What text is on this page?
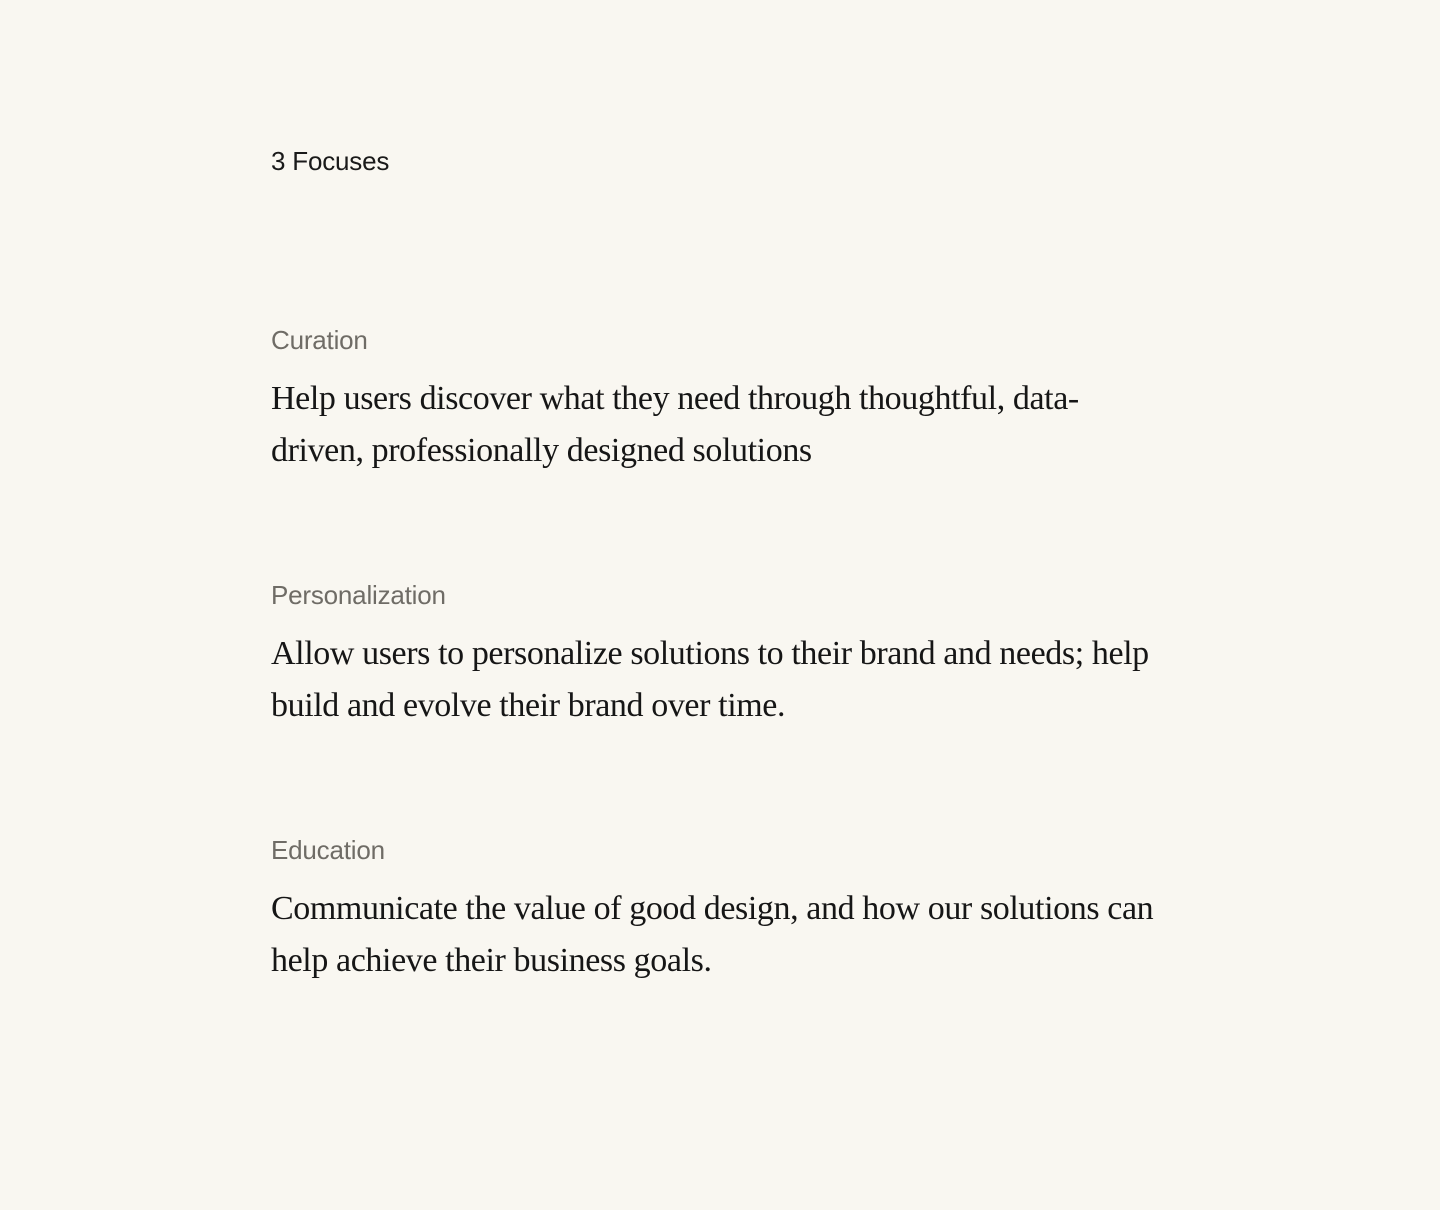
3 Focuses
Curation

Help users discover what they need through thoughtful, data-driven, professionally designed solutions

Personalization

Allow users to personalize solutions to their brand and needs; help build and evolve their brand over time.

Education

Communicate the value of good design, and how our solutions can help achieve their business goals.
